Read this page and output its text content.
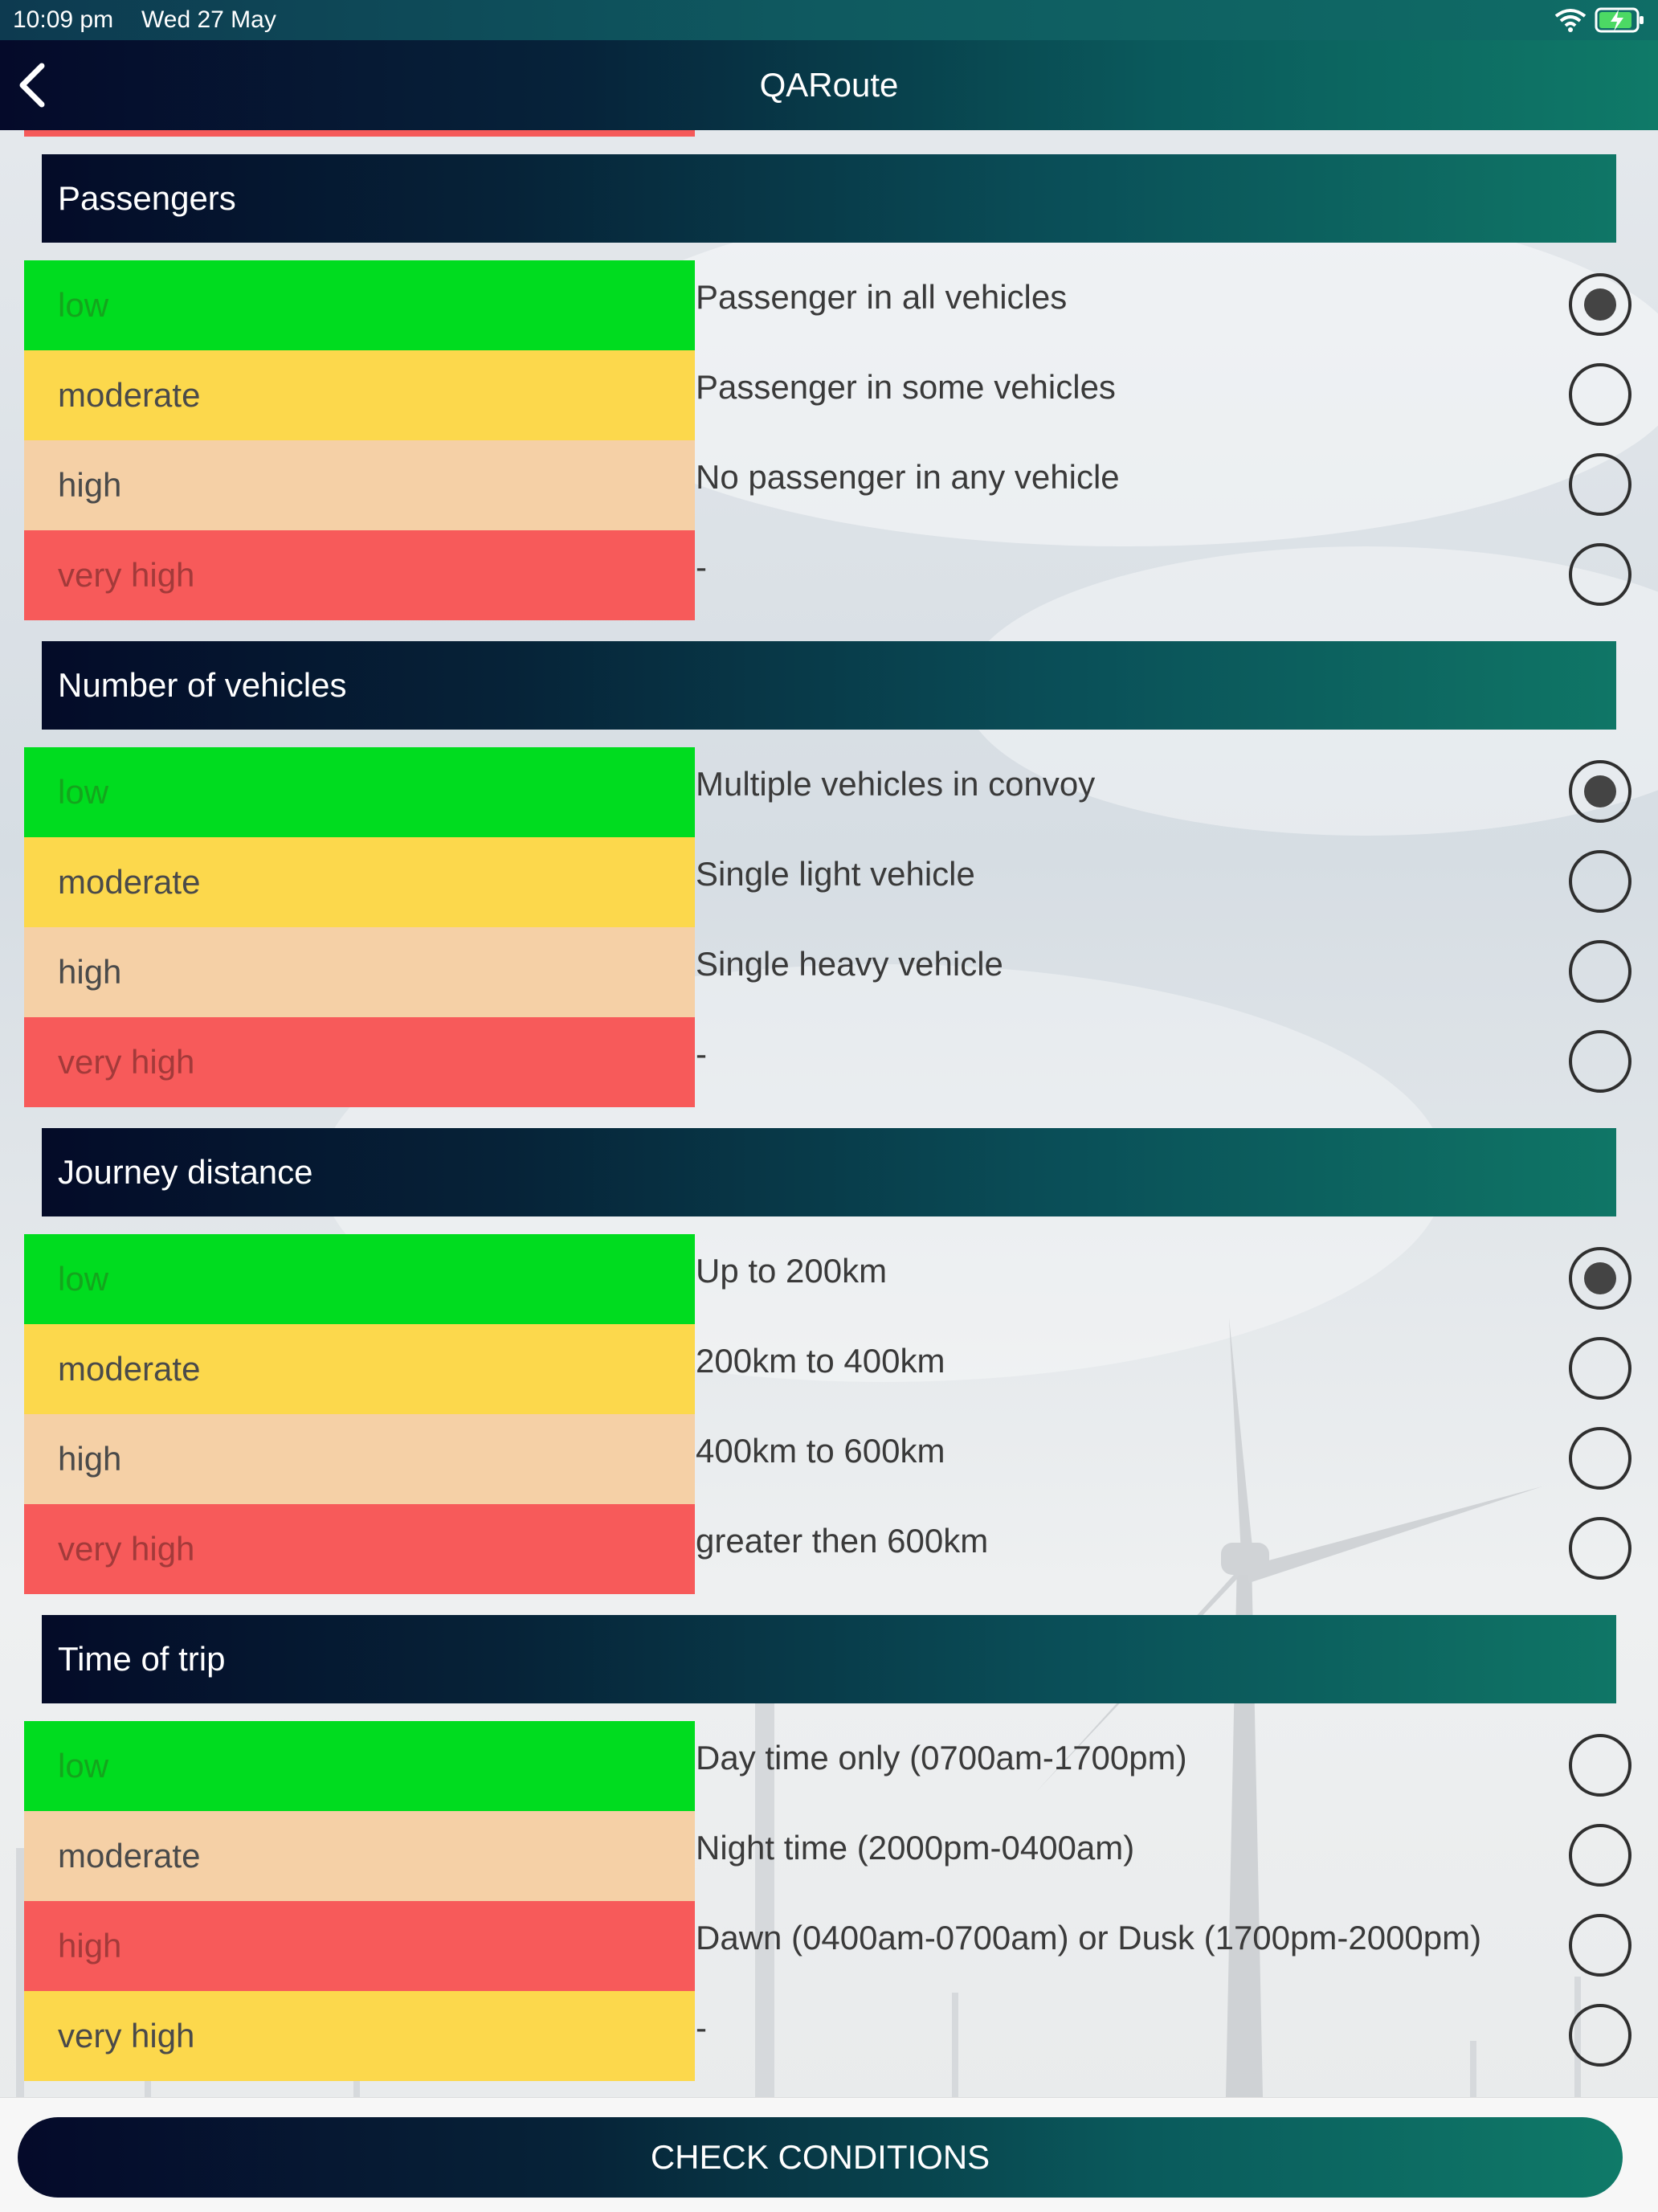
10:09 pm Wed 27 May
QARoute
Passengers
low	Passenger in all vehicles
moderate	Passenger in some vehicles
high	No passenger in any vehicle
very high	-
Number of vehicles
low	Multiple vehicles in convoy
moderate	Single light vehicle
high	Single heavy vehicle
very high	-
Journey distance
low	Up to 200km
moderate	200km to 400km
high	400km to 600km
very high	greater then 600km
Time of trip
low	Day time only (0700am-1700pm)
moderate	Night time (2000pm-0400am)
high	Dawn (0400am-0700am) or Dusk (1700pm-2000pm)
very high	-
CHECK CONDITIONS
